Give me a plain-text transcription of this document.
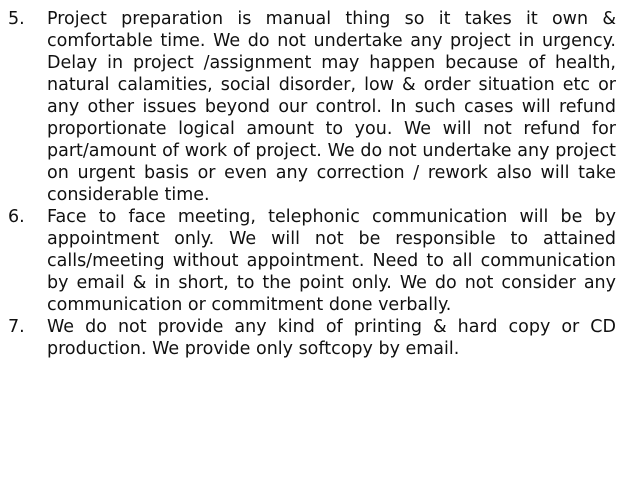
5. Project preparation is manual thing so it takes it own & comfortable time. We do not undertake any project in urgency. Delay in project /assignment may happen because of health, natural calamities, social disorder, low & order situation etc or any other issues beyond our control. In such cases will refund proportionate logical amount to you. We will not refund for part/amount of work of project. We do not undertake any project on urgent basis or even any correction / rework also will take considerable time.
6. Face to face meeting, telephonic communication will be by appointment only. We will not be responsible to attained calls/meeting without appointment. Need to all communication by email & in short, to the point only. We do not consider any communication or commitment done verbally.
7. We do not provide any kind of printing & hard copy or CD production. We provide only softcopy by email.
